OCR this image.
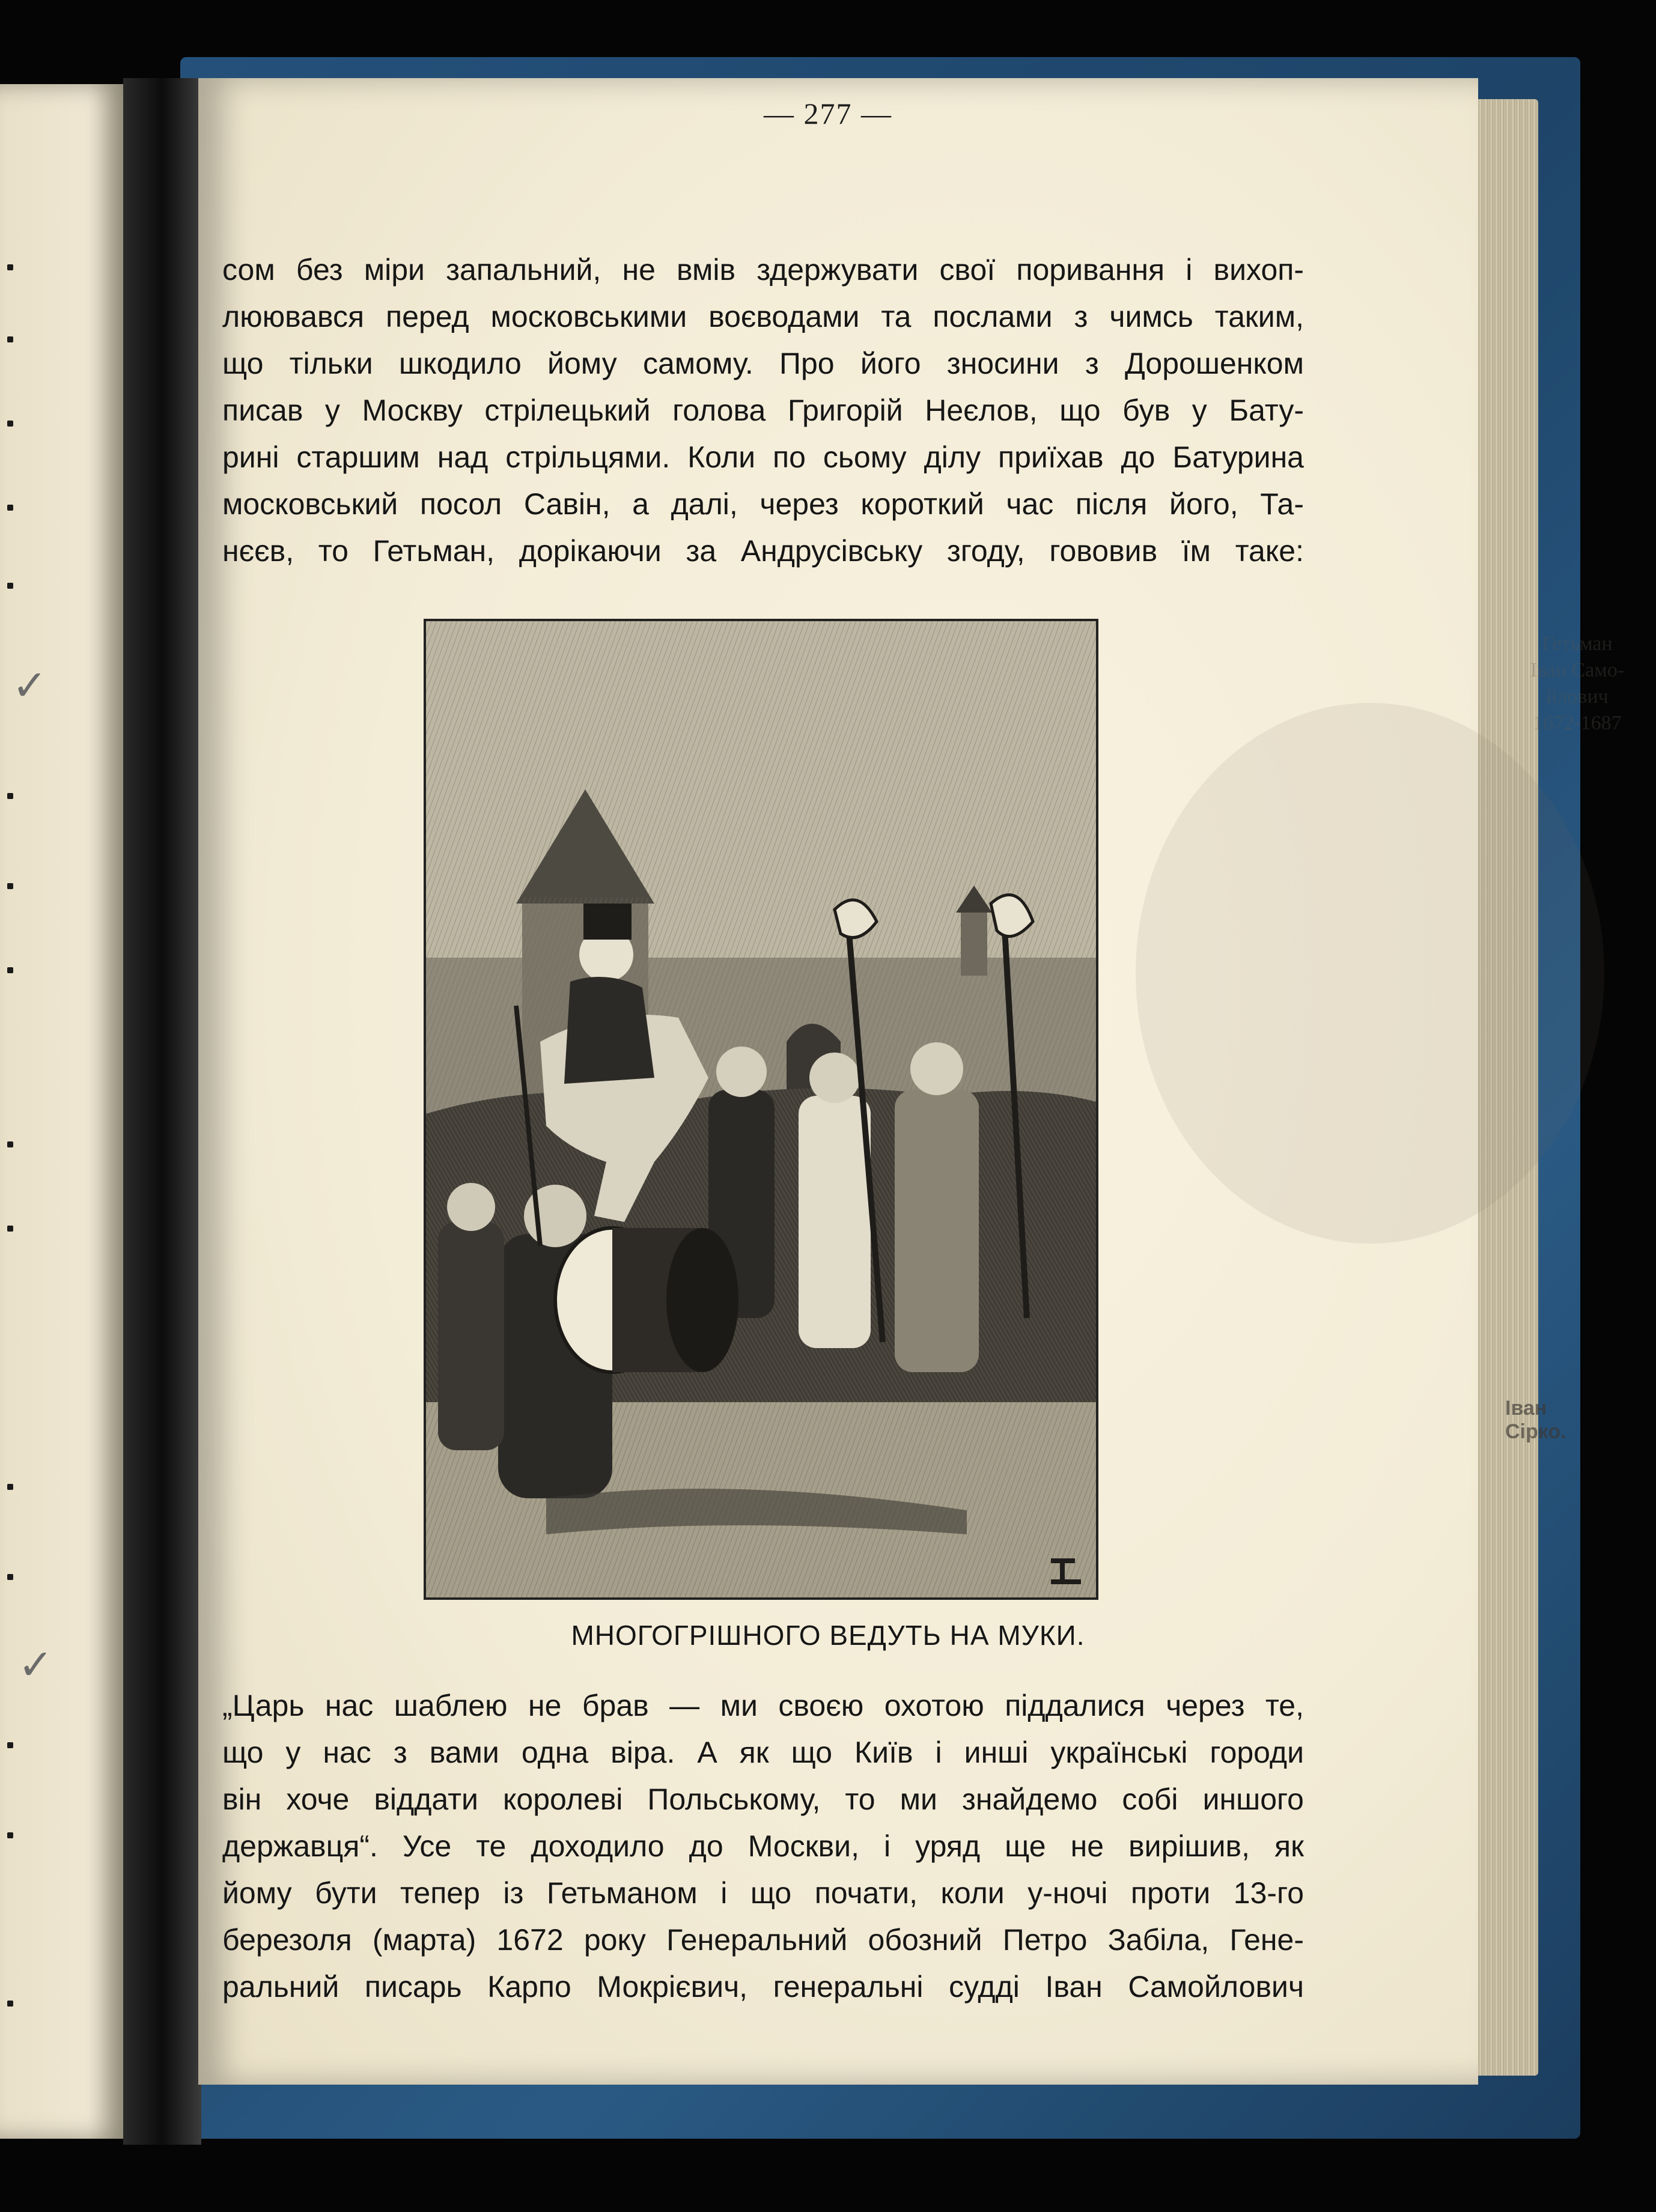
✓
✓
Гетьман
Іван Само-
йлович
1672-1687
Іван Сірко.
— 277 —
сом без міри запальний, не вмів здержувати свої поривання і вихоп-
люювався перед московськими воєводами та послами з чимсь таким,
що тільки шкодило йому самому. Про його зносини з Дорошенком
писав у Москву стрілецький голова Григорій Неєлов, що був у Бату-
рині старшим над стрільцями. Коли по сьому ділу приїхав до Батурина
московський посол Савін, а далі, через короткий час після його, Та-
нєєв, то Гетьман, дорікаючи за Андрусівську згоду, гововив їм таке:
МНОГОГРІШНОГО ВЕДУТЬ НА МУКИ.
„Царь нас шаблею не брав — ми своєю охотою піддалися через те,
що у нас з вами одна віра. А як що Київ і инші українські городи
він хоче віддати королеві Польському, то ми знайдемо собі иншого
державця“. Усе те доходило до Москви, і уряд ще не вирішив, як
йому бути тепер із Гетьманом і що почати, коли у-ночі проти 13-го
березоля (марта) 1672 року Генеральний обозний Петро Забіла, Гене-
ральний писарь Карпо Мокрієвич, генеральні судді Іван Самойлович
